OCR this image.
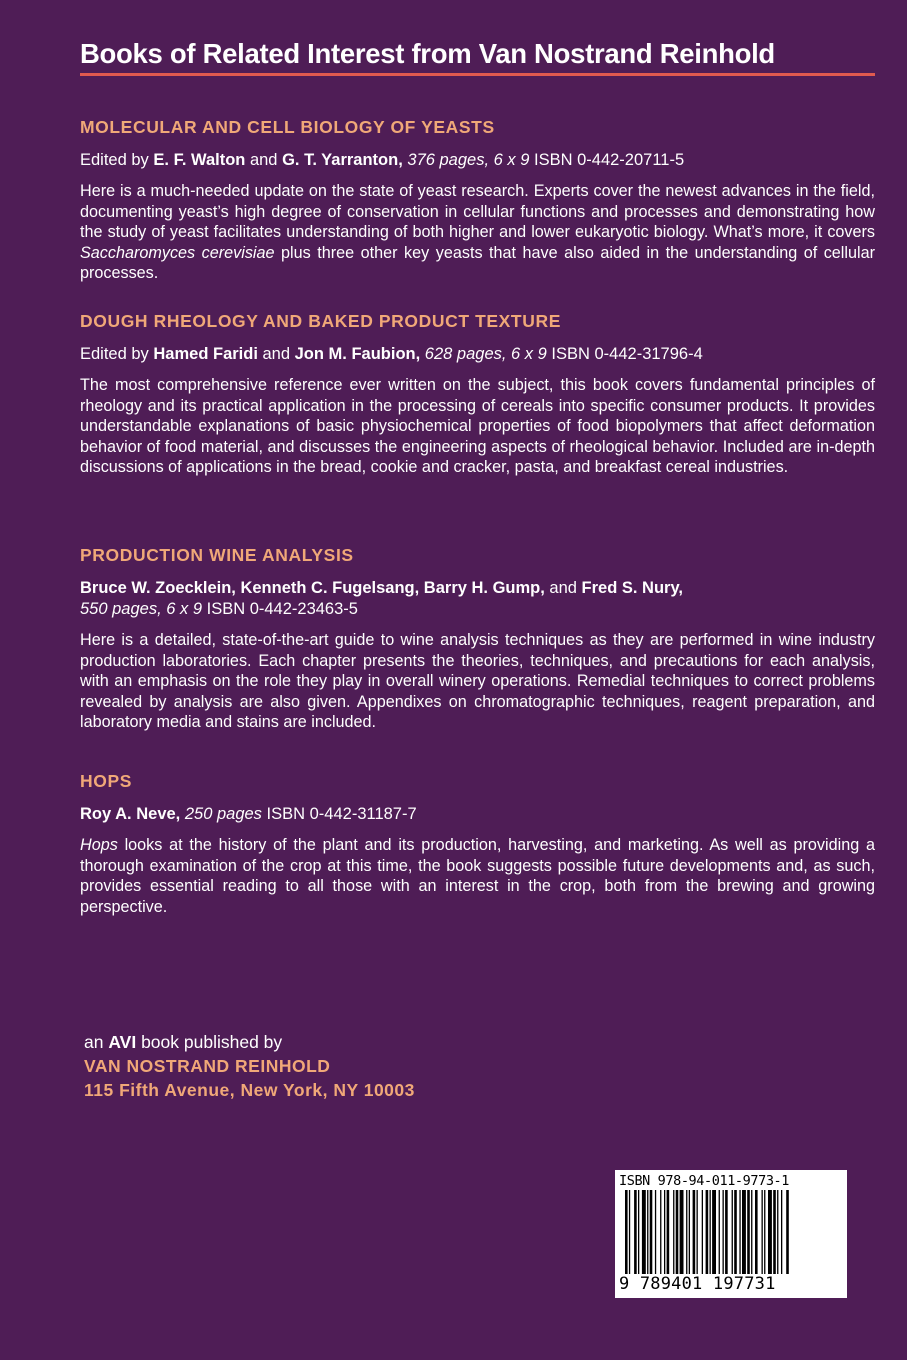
Books of Related Interest from Van Nostrand Reinhold
MOLECULAR AND CELL BIOLOGY OF YEASTS
Edited by E. F. Walton and G. T. Yarranton, 376 pages, 6 x 9 ISBN 0-442-20711-5

Here is a much-needed update on the state of yeast research. Experts cover the newest advances in the field, documenting yeast’s high degree of conservation in cellular functions and processes and demonstrating how the study of yeast facilitates understanding of both higher and lower eukaryotic biology. What’s more, it covers Saccharomyces cerevisiae plus three other key yeasts that have also aided in the understanding of cellular processes.

DOUGH RHEOLOGY AND BAKED PRODUCT TEXTURE
Edited by Hamed Faridi and Jon M. Faubion, 628 pages, 6 x 9 ISBN 0-442-31796-4

The most comprehensive reference ever written on the subject, this book covers fundamental principles of rheology and its practical application in the processing of cereals into specific consumer products. It provides understandable explanations of basic physiochemical properties of food biopolymers that affect deformation behavior of food material, and discusses the engineering aspects of rheological behavior. Included are in-depth discussions of applications in the bread, cookie and cracker, pasta, and breakfast cereal industries.

PRODUCTION WINE ANALYSIS
Bruce W. Zoecklein, Kenneth C. Fugelsang, Barry H. Gump, and Fred S. Nury,
550 pages, 6 x 9 ISBN 0-442-23463-5

Here is a detailed, state-of-the-art guide to wine analysis techniques as they are performed in wine industry production laboratories. Each chapter presents the theories, techniques, and precautions for each analysis, with an emphasis on the role they play in overall winery operations. Remedial techniques to correct problems revealed by analysis are also given. Appendixes on chromatographic techniques, reagent preparation, and laboratory media and stains are included.

HOPS
Roy A. Neve, 250 pages ISBN 0-442-31187-7

Hops looks at the history of the plant and its production, harvesting, and marketing. As well as providing a thorough examination of the crop at this time, the book suggests possible future developments and, as such, provides essential reading to all those with an interest in the crop, both from the brewing and growing perspective.

an AVI book published by
VAN NOSTRAND REINHOLD
115 Fifth Avenue, New York, NY 10003
ISBN 978-94-011-9773-1
9 789401 197731
